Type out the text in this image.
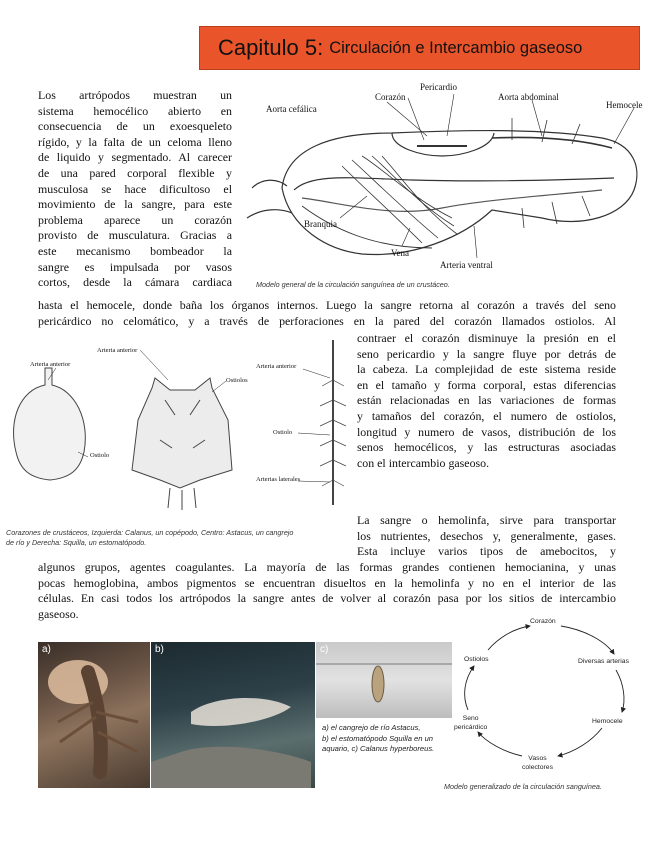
Capitulo 5: Circulación e Intercambio gaseoso
Los artrópodos muestran un
sistema hemocélico abierto en
consecuencia de un exoesqueleto
rígido, y la falta de un celoma lleno
de liquido y segmentado. Al carecer
de una pared corporal flexible y
musculosa se hace dificultoso el
movimiento de la sangre, para este
problema aparece un corazón
provisto de musculatura. Gracias a
este mecanismo bombeador la
sangre es impulsada por vasos
cortos, desde la cámara cardiaca
Pericardio
Corazón	Aorta abdominal
Aorta cefálica	Hemocele
Branquia
Vena
Arteria ventral
Modelo general de la circulación sanguínea de un crustáceo.
hasta el hemocele, donde baña los órganos internos. Luego la sangre retorna al corazón a través del seno
pericárdico no celomático, y a través de perforaciones en la pared del corazón llamados ostiolos. Al
Arteria anterior
Ostiolo
Arteria anterior
Ostiolos
Arteria anterior
Ostiolo
Arterias laterales
Corazones de crustáceos, Izquierda: Calanus, un copépodo, Centro: Astacus, un cangrejo
de río y Derecha: Squilla, un estomatópodo.
contraer el corazón disminuye la presión en el
seno pericardio y la sangre fluye por detrás de
la cabeza. La complejidad de este sistema reside
en el tamaño y forma corporal, estas diferencias
están relacionadas en las variaciones de formas
y tamaños del corazón, el numero de ostiolos,
longitud y numero de vasos, distribución de los
senos hemocélicos, y las estructuras asociadas
con el intercambio gaseoso.
La sangre o hemolinfa, sirve para transportar
los nutrientes, desechos y, generalmente, gases.
Esta incluye varios tipos de amebocitos, y
algunos grupos, agentes coagulantes. La mayoría de las formas grandes contienen hemocianina, y unas
pocas hemoglobina, ambos pigmentos se encuentran disueltos en la hemolinfa y no en el interior de las
células. En casi todos los artrópodos la sangre antes de volver al corazón pasa por los sitios de intercambio
gaseoso.
a)	b)	c)
a) el cangrejo de río Astacus,
b) el estomatópodo Squilla en un
aquario, c) Calanus hyperboreus.
Corazón
Diversas arterias
Hemocele
Vasos
colectores
Seno
pericárdico
Ostiolos
Modelo generalizado de la circulación sanguínea.
